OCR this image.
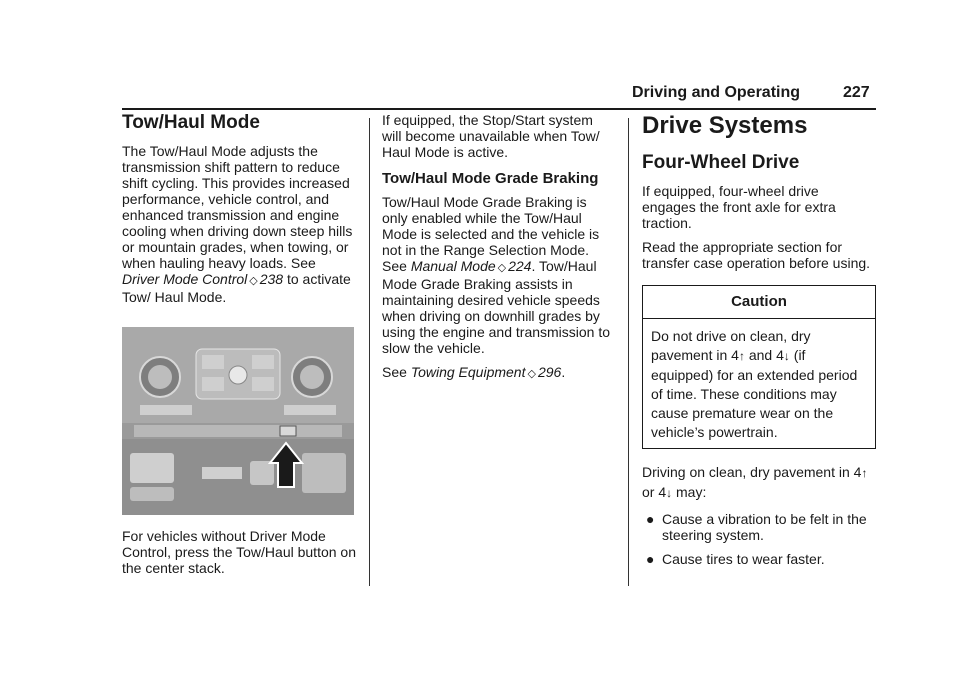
Driving and Operating	227
Tow/Haul Mode

The Tow/Haul Mode adjusts the transmission shift pattern to reduce shift cycling. This provides increased performance, vehicle control, and enhanced transmission and engine cooling when driving down steep hills or mountain grades, when towing, or when hauling heavy loads. See Driver Mode Control ◇ 238 to activate Tow/ Haul Mode.

For vehicles without Driver Mode Control, press the Tow/Haul button on the center stack.

If equipped, the Stop/Start system will become unavailable when Tow/ Haul Mode is active.

Tow/Haul Mode Grade Braking

Tow/Haul Mode Grade Braking is only enabled while the Tow/Haul Mode is selected and the vehicle is not in the Range Selection Mode. See Manual Mode ◇ 224. Tow/Haul Mode Grade Braking assists in maintaining desired vehicle speeds when driving on downhill grades by using the engine and transmission to slow the vehicle.

See Towing Equipment ◇ 296.

Drive Systems
Four-Wheel Drive

If equipped, four-wheel drive engages the front axle for extra traction.

Read the appropriate section for transfer case operation before using.

Caution
Do not drive on clean, dry pavement in 4↑ and 4↓ (if equipped) for an extended period of time. These conditions may cause premature wear on the vehicle’s powertrain.

Driving on clean, dry pavement in 4↑ or 4↓ may:

● Cause a vibration to be felt in the steering system.
● Cause tires to wear faster.
